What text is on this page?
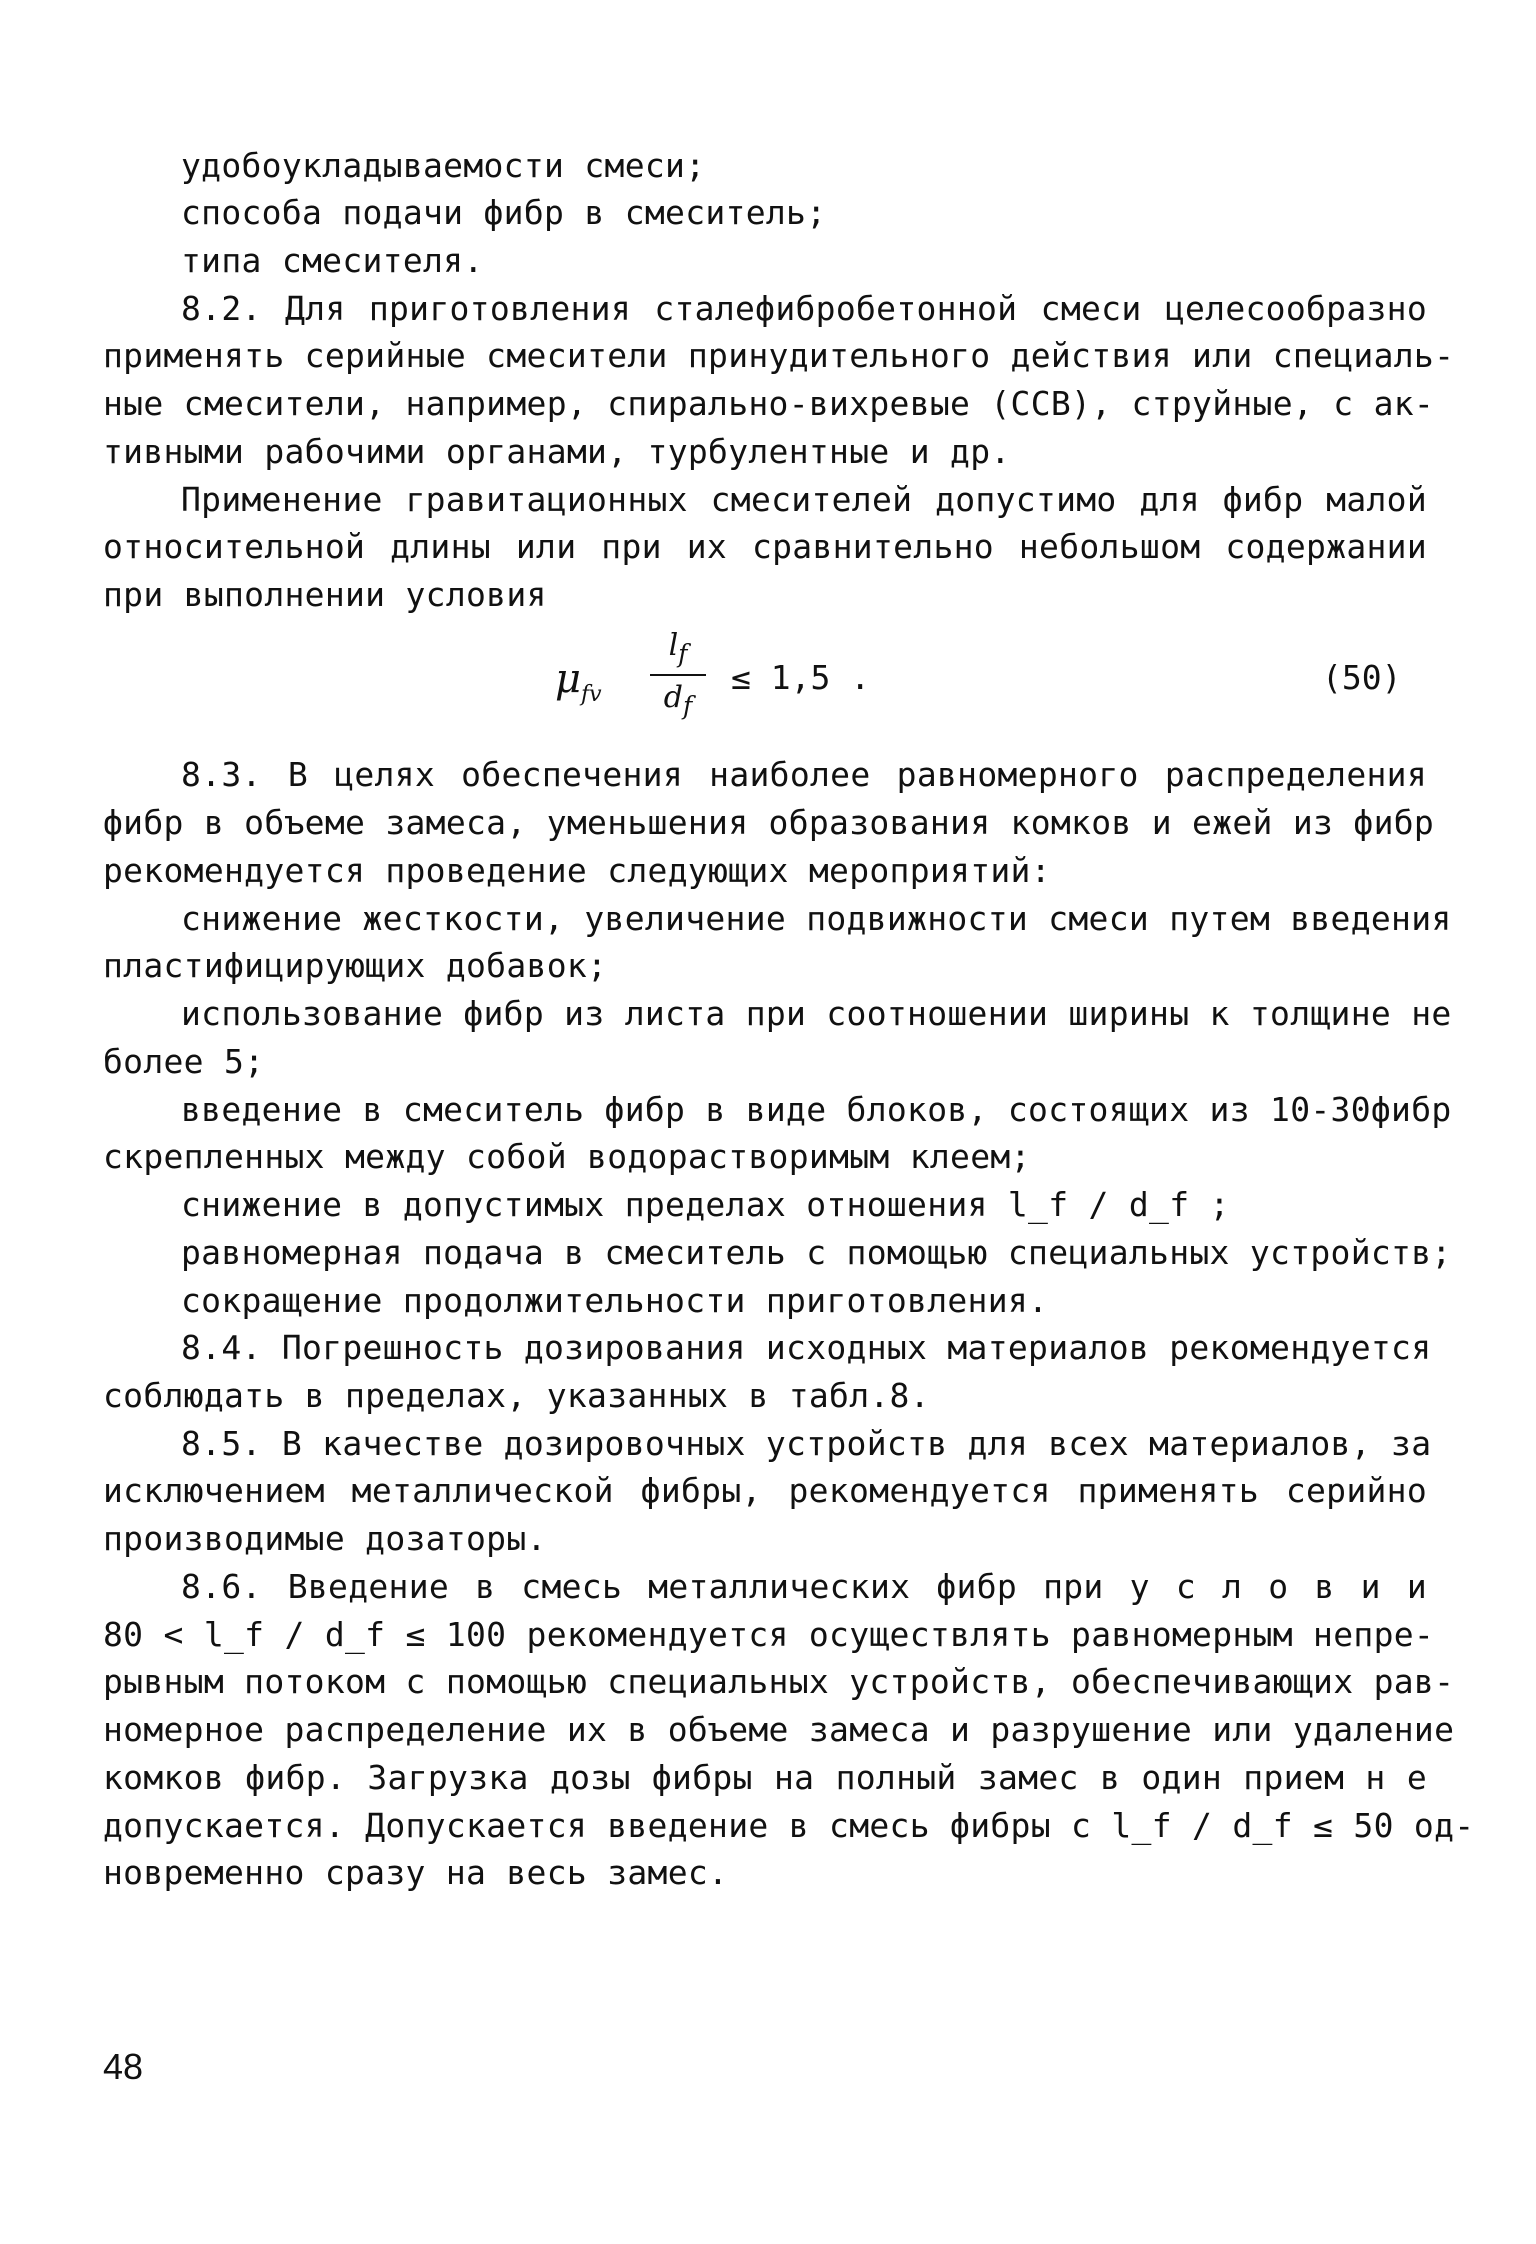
удобоукладываемости смеси;
способа подачи фибр в смеситель;
типа смесителя.
8.2. Для приготовления сталефибробетонной смеси целесообразно
применять серийные смесители принудительного действия или специаль-
ные смесители, например, спирально-вихревые (ССВ), струйные, с ак-
тивными рабочими органами, турбулентные и др.
Применение гравитационных смесителей допустимо для фибр малой
относительной длины или при их сравнительно небольшом содержании
при выполнении условия
$\mu_{fv}$
$l_f$
$d_f$
≤ 1,5 .	(50)
8.3. В целях обеспечения наиболее равномерного распределения
фибр в объеме замеса, уменьшения образования комков и ежей из фибр
рекомендуется проведение следующих мероприятий:
снижение жесткости, увеличение подвижности смеси путем введения
пластифицирующих добавок;
использование фибр из листа при соотношении ширины к толщине не
более 5;
введение в смеситель фибр в виде блоков, состоящих из 10-30фибр
скрепленных между собой водорастворимым клеем;
снижение в допустимых пределах отношения l_f / d_f ;
равномерная подача в смеситель с помощью специальных устройств;
сокращение продолжительности приготовления.
8.4. Погрешность дозирования исходных материалов рекомендуется
соблюдать в пределах, указанных в табл.8.
8.5. В качестве дозировочных устройств для всех материалов, за
исключением металлической фибры, рекомендуется применять серийно
производимые дозаторы.
8.6. Введение в смесь металлических фибр при у с л о в и и
80 < l_f / d_f ≤ 100 рекомендуется осуществлять равномерным непре-
рывным потоком с помощью специальных устройств, обеспечивающих рав-
номерное распределение их в объеме замеса и разрушение или удаление
комков фибр. Загрузка дозы фибры на полный замес в один прием н е
допускается. Допускается введение в смесь фибры с l_f / d_f ≤ 50 од-
новременно сразу на весь замес.
48
